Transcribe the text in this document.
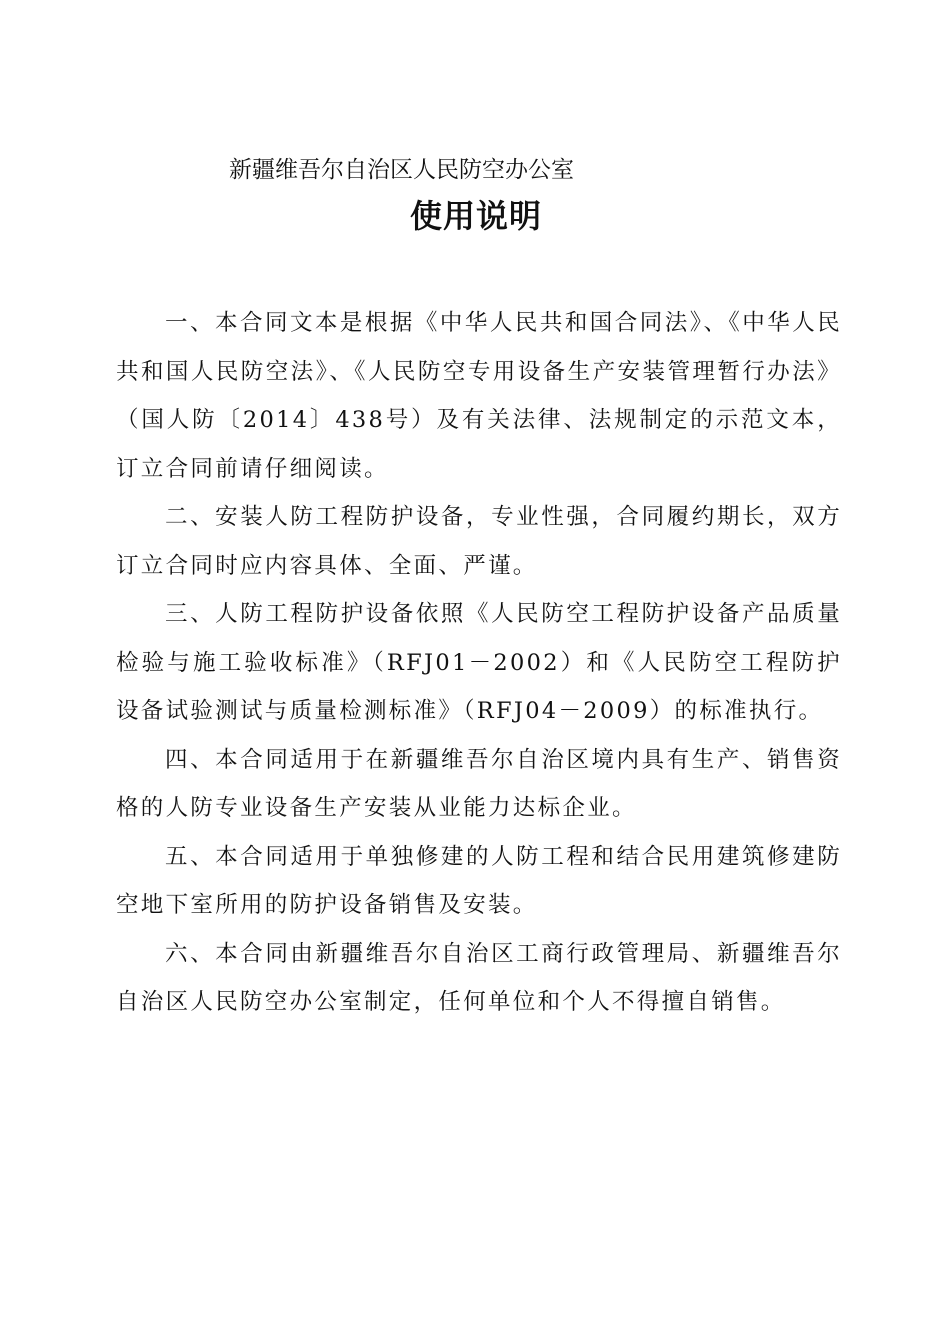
新疆维吾尔自治区人民防空办公室
使用说明

一、本合同文本是根据《中华人民共和国合同法》、《中华人民共和国人民防空法》、《人民防空专用设备生产安装管理暂行办法》（国人防〔2014〕438号）及有关法律、法规制定的示范文本，订立合同前请仔细阅读。

二、安装人防工程防护设备，专业性强，合同履约期长，双方订立合同时应内容具体、全面、严谨。

三、人防工程防护设备依照《人民防空工程防护设备产品质量检验与施工验收标准》（RFJ01－2002）和《人民防空工程防护设备试验测试与质量检测标准》（RFJ04－2009）的标准执行。

四、本合同适用于在新疆维吾尔自治区境内具有生产、销售资格的人防专业设备生产安装从业能力达标企业。

五、本合同适用于单独修建的人防工程和结合民用建筑修建防空地下室所用的防护设备销售及安装。

六、本合同由新疆维吾尔自治区工商行政管理局、新疆维吾尔自治区人民防空办公室制定，任何单位和个人不得擅自销售。
